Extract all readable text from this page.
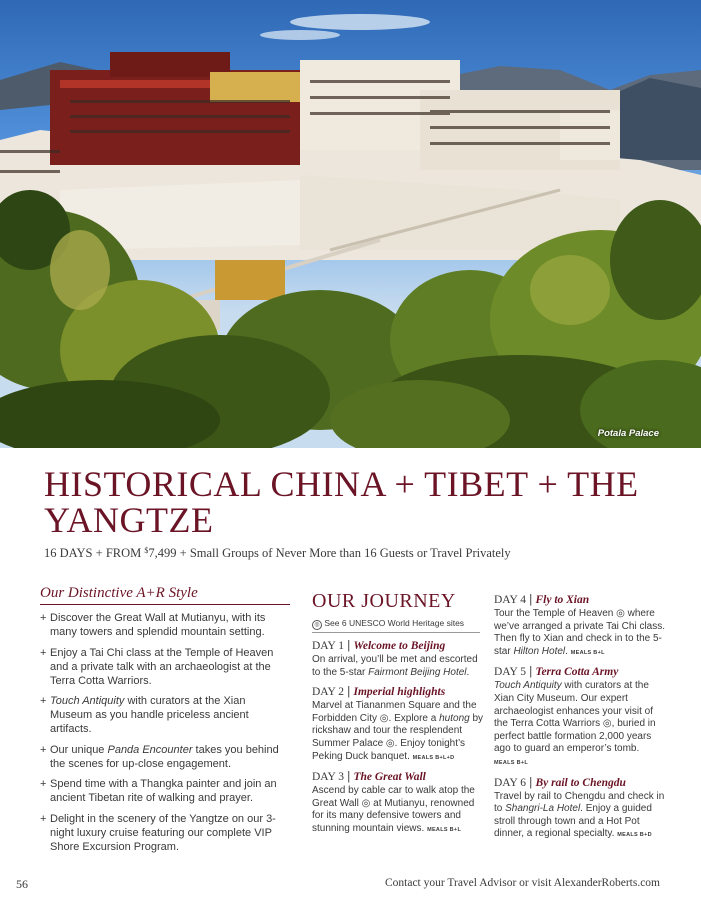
Potala Palace
HISTORICAL CHINA + TIBET + THE YANGTZE
16 DAYS + FROM $7,499 + Small Groups of Never More than 16 Guests or Travel Privately
Our Distinctive A+R Style
+ Discover the Great Wall at Mutianyu, with its many towers and splendid mountain setting.
+ Enjoy a Tai Chi class at the Temple of Heaven and a private talk with an archaeologist at the Terra Cotta Warriors.
+ Touch Antiquity with curators at the Xian Museum as you handle priceless ancient artifacts.
+ Our unique Panda Encounter takes you behind the scenes for up-close engagement.
+ Spend time with a Thangka painter and join an ancient Tibetan rite of walking and prayer.
+ Delight in the scenery of the Yangtze on our 3-night luxury cruise featuring our complete VIP Shore Excursion Program.
OUR JOURNEY
◎ See 6 UNESCO World Heritage sites
DAY 1 | Welcome to Beijing
On arrival, you’ll be met and escorted to the 5-star Fairmont Beijing Hotel.
DAY 2 | Imperial highlights
Marvel at Tiananmen Square and the Forbidden City ◎. Explore a hutong by rickshaw and tour the resplendent Summer Palace ◎. Enjoy tonight’s Peking Duck banquet. MEALS B+L+D
DAY 3 | The Great Wall
Ascend by cable car to walk atop the Great Wall ◎ at Mutianyu, renowned for its many defensive towers and stunning mountain views. MEALS B+L
DAY 4 | Fly to Xian
Tour the Temple of Heaven ◎ where we’ve arranged a private Tai Chi class. Then fly to Xian and check in to the 5-star Hilton Hotel. MEALS B+L
DAY 5 | Terra Cotta Army
Touch Antiquity with curators at the Xian City Museum. Our expert archaeologist enhances your visit of the Terra Cotta Warriors ◎, buried in perfect battle formation 2,000 years ago to guard an emperor’s tomb.
MEALS B+L
DAY 6 | By rail to Chengdu
Travel by rail to Chengdu and check in to Shangri-La Hotel. Enjoy a guided stroll through town and a Hot Pot dinner, a regional specialty. MEALS B+D
56	Contact your Travel Advisor or visit AlexanderRoberts.com
